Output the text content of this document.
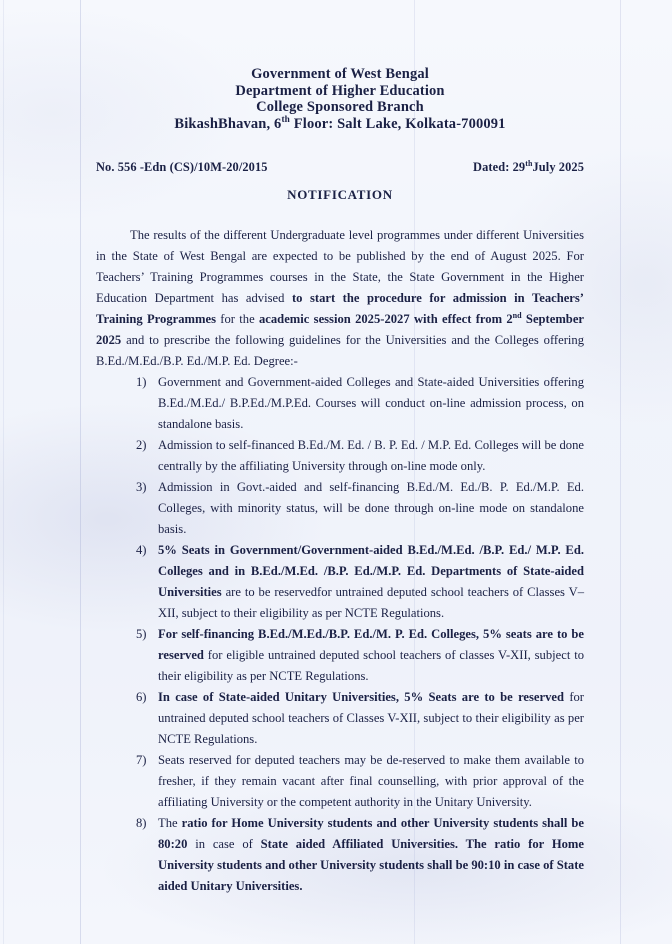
Government of West Bengal
Department of Higher Education
College Sponsored Branch
BikashBhavan, 6th Floor: Salt Lake, Kolkata-700091
No. 556 -Edn (CS)/10M-20/2015	Dated: 29thJuly 2025
NOTIFICATION

The results of the different Undergraduate level programmes under different Universities in the State of West Bengal are expected to be published by the end of August 2025. For Teachers’ Training Programmes courses in the State, the State Government in the Higher Education Department has advised to start the procedure for admission in Teachers’ Training Programmes for the academic session 2025-2027 with effect from 2nd September 2025 and to prescribe the following guidelines for the Universities and the Colleges offering B.Ed./M.Ed./B.P. Ed./M.P. Ed. Degree:-

Government and Government-aided Colleges and State-aided Universities offering B.Ed./M.Ed./ B.P.Ed./M.P.Ed. Courses will conduct on-line admission process, on standalone basis.
Admission to self-financed B.Ed./M. Ed. / B. P. Ed. / M.P. Ed. Colleges will be done centrally by the affiliating University through on-line mode only.
Admission in Govt.-aided and self-financing B.Ed./M. Ed./B. P. Ed./M.P. Ed. Colleges, with minority status, will be done through on-line mode on standalone basis.
5% Seats in Government/Government-aided B.Ed./M.Ed. /B.P. Ed./ M.P. Ed. Colleges and in B.Ed./M.Ed. /B.P. Ed./M.P. Ed. Departments of State-aided Universities are to be reservedfor untrained deputed school teachers of Classes V–XII, subject to their eligibility as per NCTE Regulations.
For self-financing B.Ed./M.Ed./B.P. Ed./M. P. Ed. Colleges, 5% seats are to be reserved for eligible untrained deputed school teachers of classes V-XII, subject to their eligibility as per NCTE Regulations.
In case of State-aided Unitary Universities, 5% Seats are to be reserved for untrained deputed school teachers of Classes V-XII, subject to their eligibility as per NCTE Regulations.
Seats reserved for deputed teachers may be de-reserved to make them available to fresher, if they remain vacant after final counselling, with prior approval of the affiliating University or the competent authority in the Unitary University.
The ratio for Home University students and other University students shall be 80:20 in case of State aided Affiliated Universities. The ratio for Home University students and other University students shall be 90:10 in case of State aided Unitary Universities.
